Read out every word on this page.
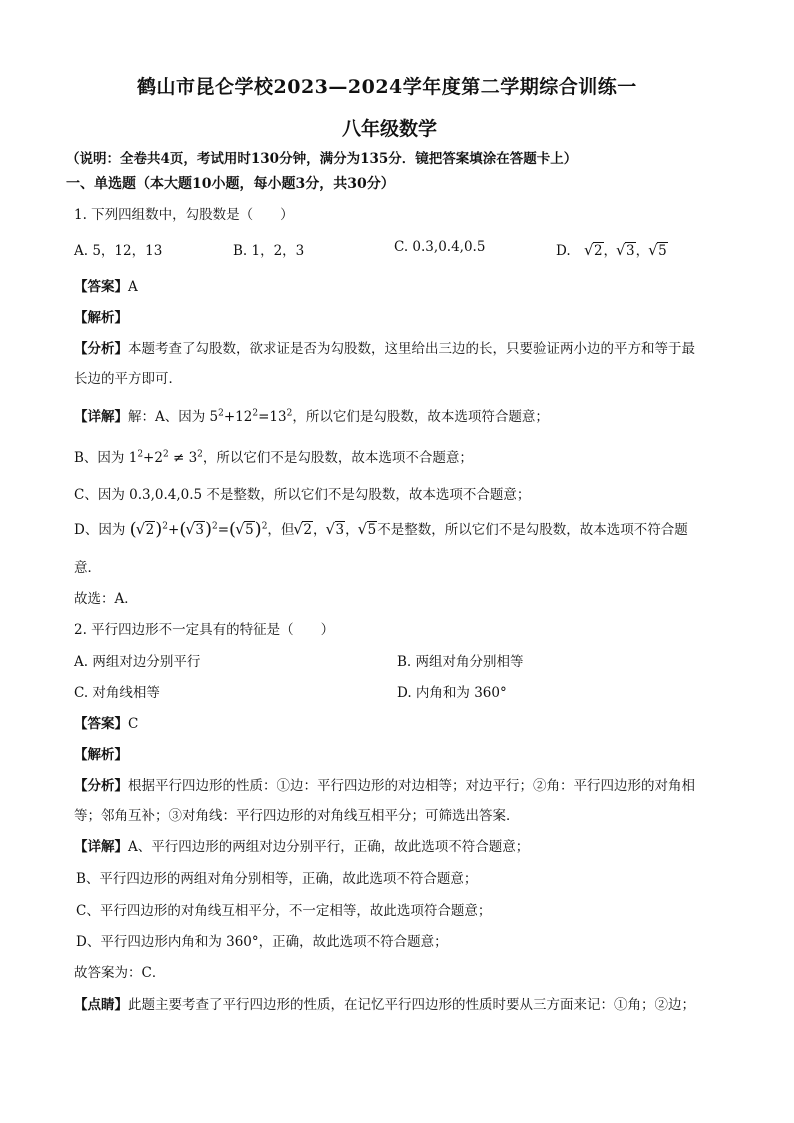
鹤山市昆仑学校2023—2024学年度第二学期综合训练一
八年级数学
（说明：全卷共4页，考试用时130分钟，满分为135分．镜把答案填涂在答题卡上）
一、单选题（本大题10小题，每小题3分，共30分）
1. 下列四组数中，勾股数是（　　）
A. 5，12，13	B. 1，2，3	C. 0.3,0.4,0.5	D. √ 2， √ 3， √ 5
【答案】A
【解析】
【分析】本题考查了勾股数，欲求证是否为勾股数，这里给出三边的长，只要验证两小边的平方和等于最
长边的平方即可．
【详解】解：A、因为 $5^2+12^2=13^2$，所以它们是勾股数，故本选项符合题意；
B、因为 $1^2+2^2 \ne 3^2$，所以它们不是勾股数，故本选项不合题意；
C、因为 0.3,0.4,0.5 不是整数，所以它们不是勾股数，故本选项不合题意；
D、因为 ( √ 2)$^2$+( √ 3)$^2$=( √ 5)$^2$，但 √ 2， √ 3， √ 5不是整数，所以它们不是勾股数，故本选项不符合题
意．
故选：A．
2. 平行四边形不一定具有的特征是（　　）
A. 两组对边分别平行	B. 两组对角分别相等
C. 对角线相等	D. 内角和为 360°
【答案】C
【解析】
【分析】根据平行四边形的性质：①边：平行四边形的对边相等；对边平行；②角：平行四边形的对角相
等；邻角互补；③对角线：平行四边形的对角线互相平分；可筛选出答案．
【详解】A、平行四边形的两组对边分别平行，正确，故此选项不符合题意；
B、平行四边形的两组对角分别相等，正确，故此选项不符合题意；
C、平行四边形的对角线互相平分，不一定相等，故此选项符合题意；
D、平行四边形内角和为 360°，正确，故此选项不符合题意；
故答案为：C．
【点睛】此题主要考查了平行四边形的性质，在记忆平行四边形的性质时要从三方面来记：①角；②边；
